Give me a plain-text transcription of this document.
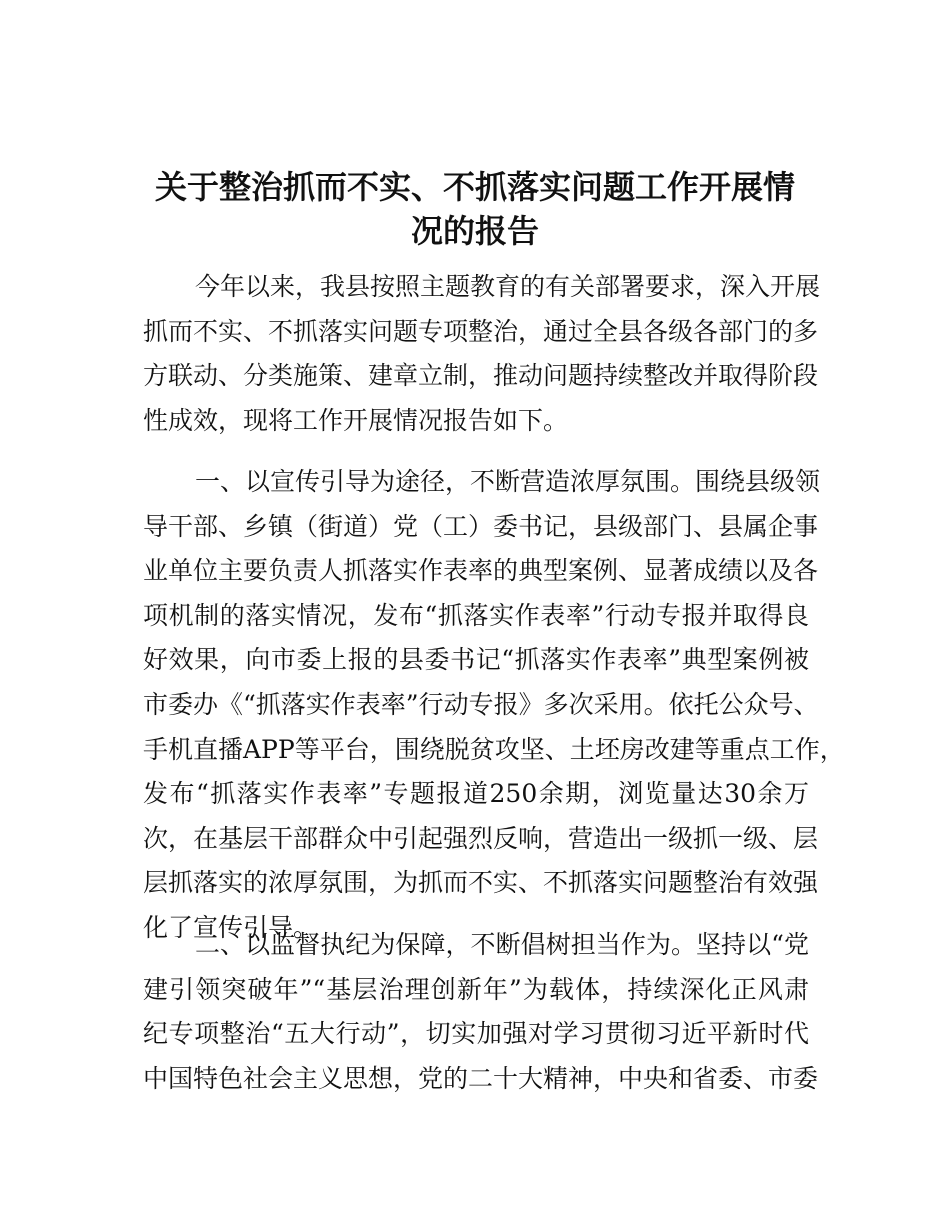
关于整治抓而不实、不抓落实问题工作开展情
况的报告
今年以来，我县按照主题教育的有关部署要求，深入开展
抓而不实、不抓落实问题专项整治，通过全县各级各部门的多
方联动、分类施策、建章立制，推动问题持续整改并取得阶段
性成效，现将工作开展情况报告如下。
一、以宣传引导为途径，不断营造浓厚氛围。围绕县级领
导干部、乡镇（街道）党（工）委书记，县级部门、县属企事
业单位主要负责人抓落实作表率的典型案例、显著成绩以及各
项机制的落实情况，发布“抓落实作表率”行动专报并取得良
好效果，向市委上报的县委书记“抓落实作表率”典型案例被
市委办《“抓落实作表率”行动专报》多次采用。依托公众号、
手机直播APP等平台，围绕脱贫攻坚、土坯房改建等重点工作，
发布“抓落实作表率”专题报道250余期，浏览量达30余万
次，在基层干部群众中引起强烈反响，营造出一级抓一级、层
层抓落实的浓厚氛围，为抓而不实、不抓落实问题整治有效强
化了宣传引导。
二、以监督执纪为保障，不断倡树担当作为。坚持以“党
建引领突破年”“基层治理创新年”为载体，持续深化正风肃
纪专项整治“五大行动”，切实加强对学习贯彻习近平新时代
中国特色社会主义思想，党的二十大精神，中央和省委、市委
